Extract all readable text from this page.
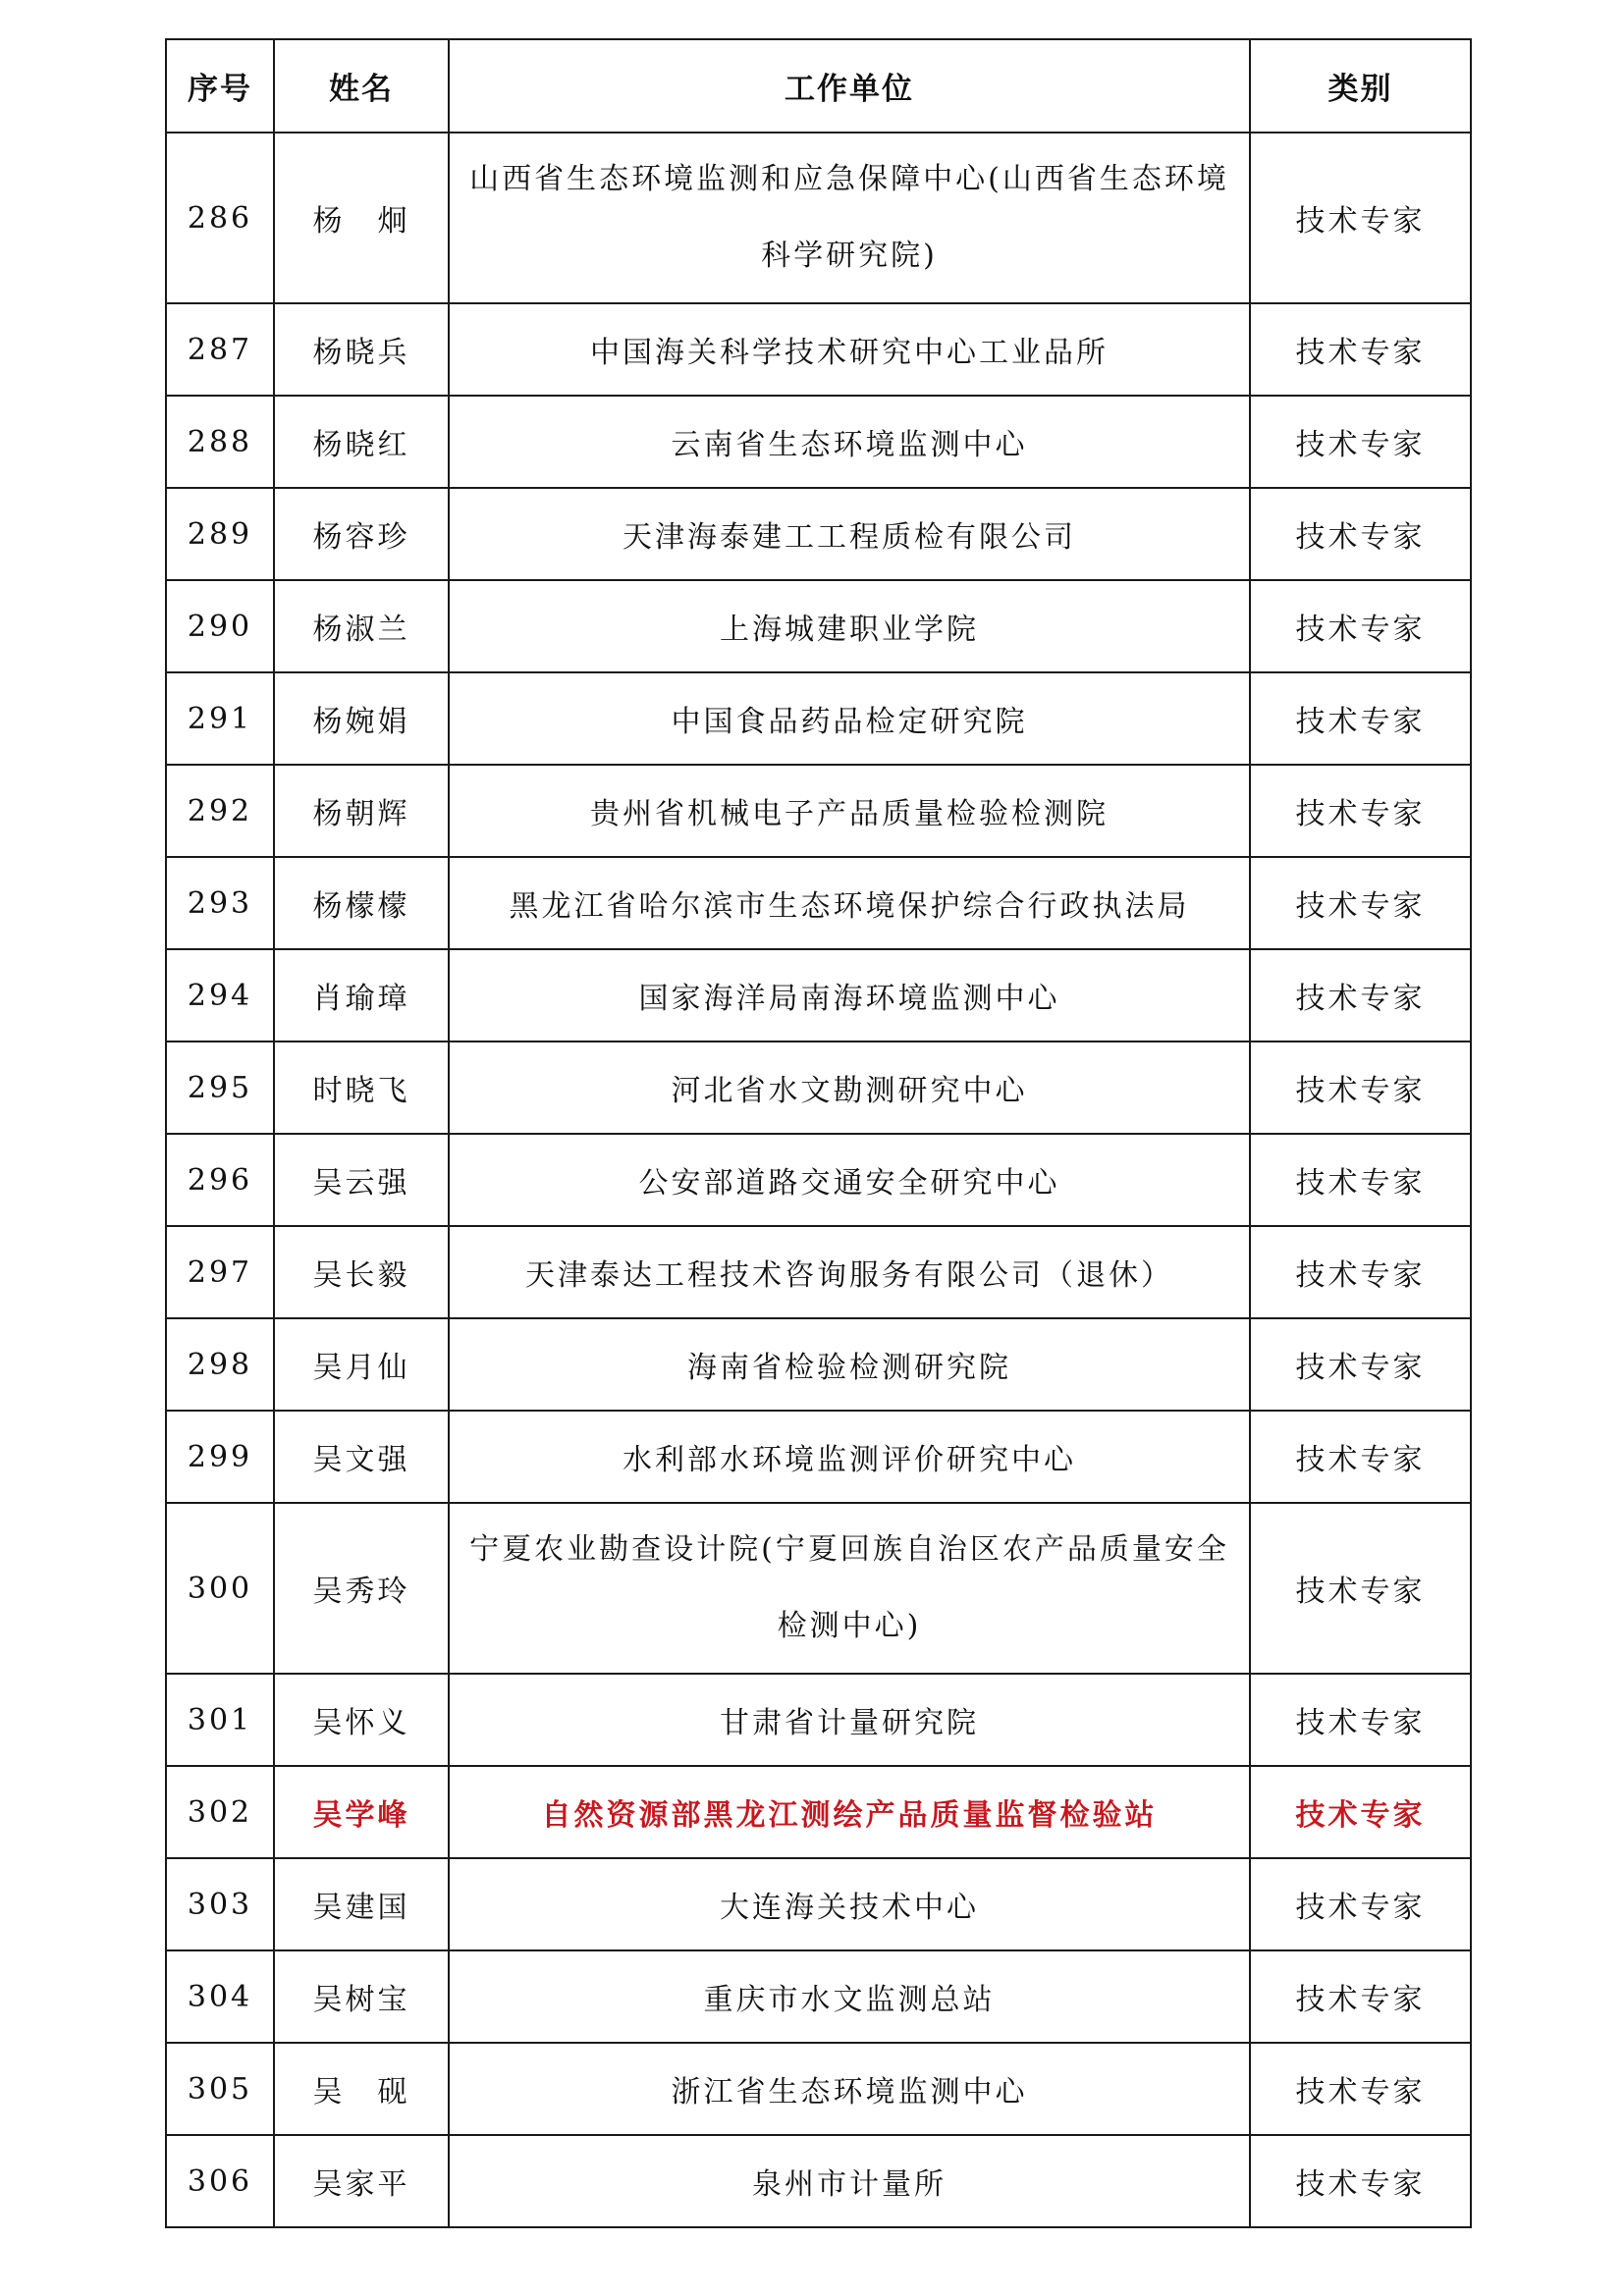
序号	姓名	工作单位	类别
286	杨　炯	山西省生态环境监测和应急保障中心(山西省生态环境科学研究院)	技术专家
287	杨晓兵	中国海关科学技术研究中心工业品所	技术专家
288	杨晓红	云南省生态环境监测中心	技术专家
289	杨容珍	天津海泰建工工程质检有限公司	技术专家
290	杨淑兰	上海城建职业学院	技术专家
291	杨婉娟	中国食品药品检定研究院	技术专家
292	杨朝辉	贵州省机械电子产品质量检验检测院	技术专家
293	杨檬檬	黑龙江省哈尔滨市生态环境保护综合行政执法局	技术专家
294	肖瑜璋	国家海洋局南海环境监测中心	技术专家
295	时晓飞	河北省水文勘测研究中心	技术专家
296	吴云强	公安部道路交通安全研究中心	技术专家
297	吴长毅	天津泰达工程技术咨询服务有限公司（退休）	技术专家
298	吴月仙	海南省检验检测研究院	技术专家
299	吴文强	水利部水环境监测评价研究中心	技术专家
300	吴秀玲	宁夏农业勘查设计院(宁夏回族自治区农产品质量安全检测中心)	技术专家
301	吴怀义	甘肃省计量研究院	技术专家
302	吴学峰	自然资源部黑龙江测绘产品质量监督检验站	技术专家
303	吴建国	大连海关技术中心	技术专家
304	吴树宝	重庆市水文监测总站	技术专家
305	吴　砚	浙江省生态环境监测中心	技术专家
306	吴家平	泉州市计量所	技术专家
